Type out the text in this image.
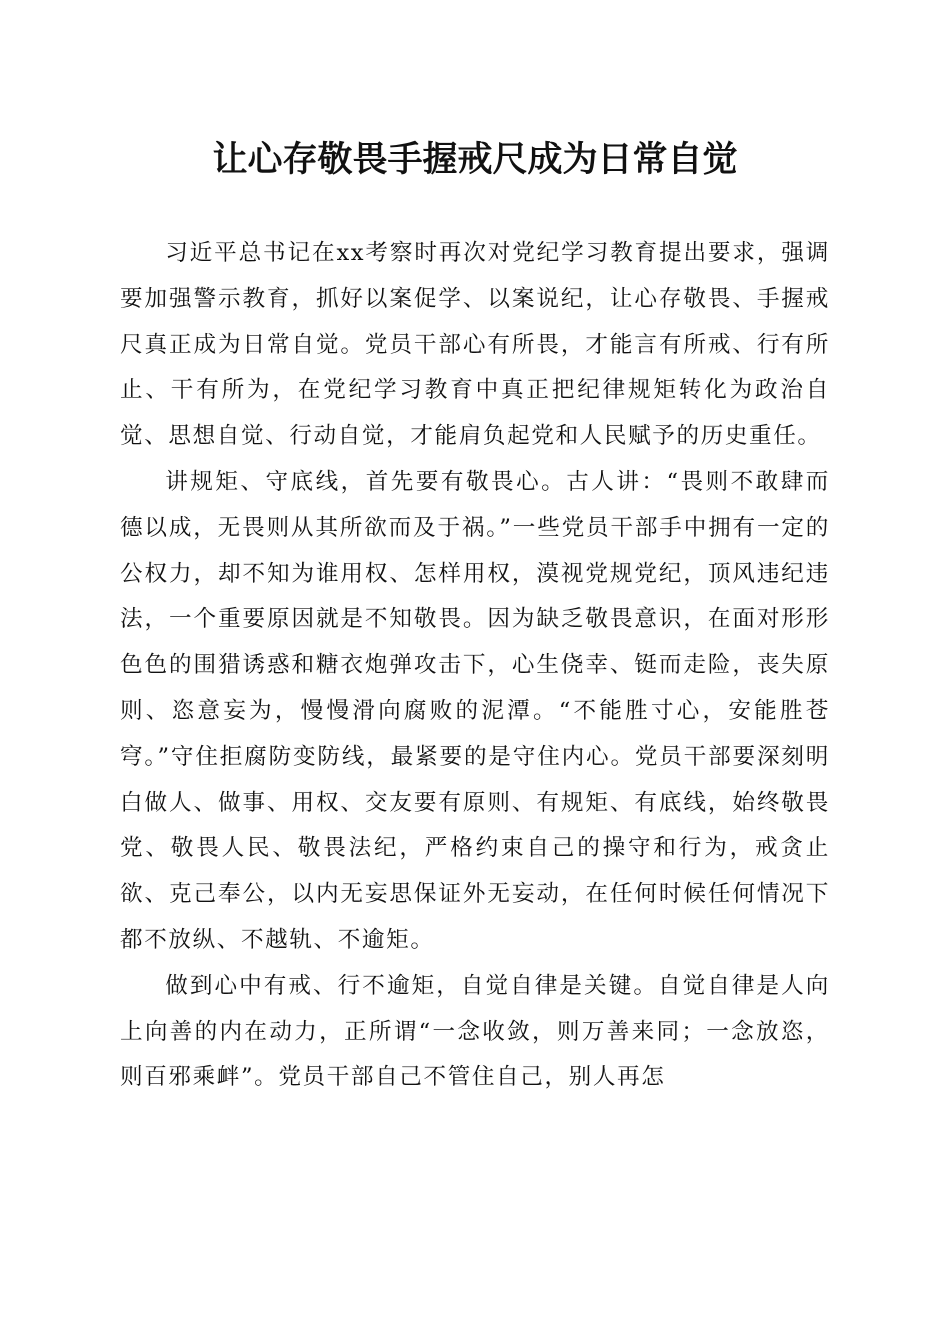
让心存敬畏手握戒尺成为日常自觉

习近平总书记在xx考察时再次对党纪学习教育提出要求，强调要加强警示教育，抓好以案促学、以案说纪，让心存敬畏、手握戒尺真正成为日常自觉。党员干部心有所畏，才能言有所戒、行有所止、干有所为，在党纪学习教育中真正把纪律规矩转化为政治自觉、思想自觉、行动自觉，才能肩负起党和人民赋予的历史重任。

讲规矩、守底线，首先要有敬畏心。古人讲：“畏则不敢肆而德以成，无畏则从其所欲而及于祸。”一些党员干部手中拥有一定的公权力，却不知为谁用权、怎样用权，漠视党规党纪，顶风违纪违法，一个重要原因就是不知敬畏。因为缺乏敬畏意识，在面对形形色色的围猎诱惑和糖衣炮弹攻击下，心生侥幸、铤而走险，丧失原则、恣意妄为，慢慢滑向腐败的泥潭。“不能胜寸心，安能胜苍穹。”守住拒腐防变防线，最紧要的是守住内心。党员干部要深刻明白做人、做事、用权、交友要有原则、有规矩、有底线，始终敬畏党、敬畏人民、敬畏法纪，严格约束自己的操守和行为，戒贪止欲、克己奉公，以内无妄思保证外无妄动，在任何时候任何情况下都不放纵、不越轨、不逾矩。

做到心中有戒、行不逾矩，自觉自律是关键。自觉自律是人向上向善的内在动力，正所谓“一念收敛，则万善来同；一念放恣，则百邪乘衅”。党员干部自己不管住自己，别人再怎
